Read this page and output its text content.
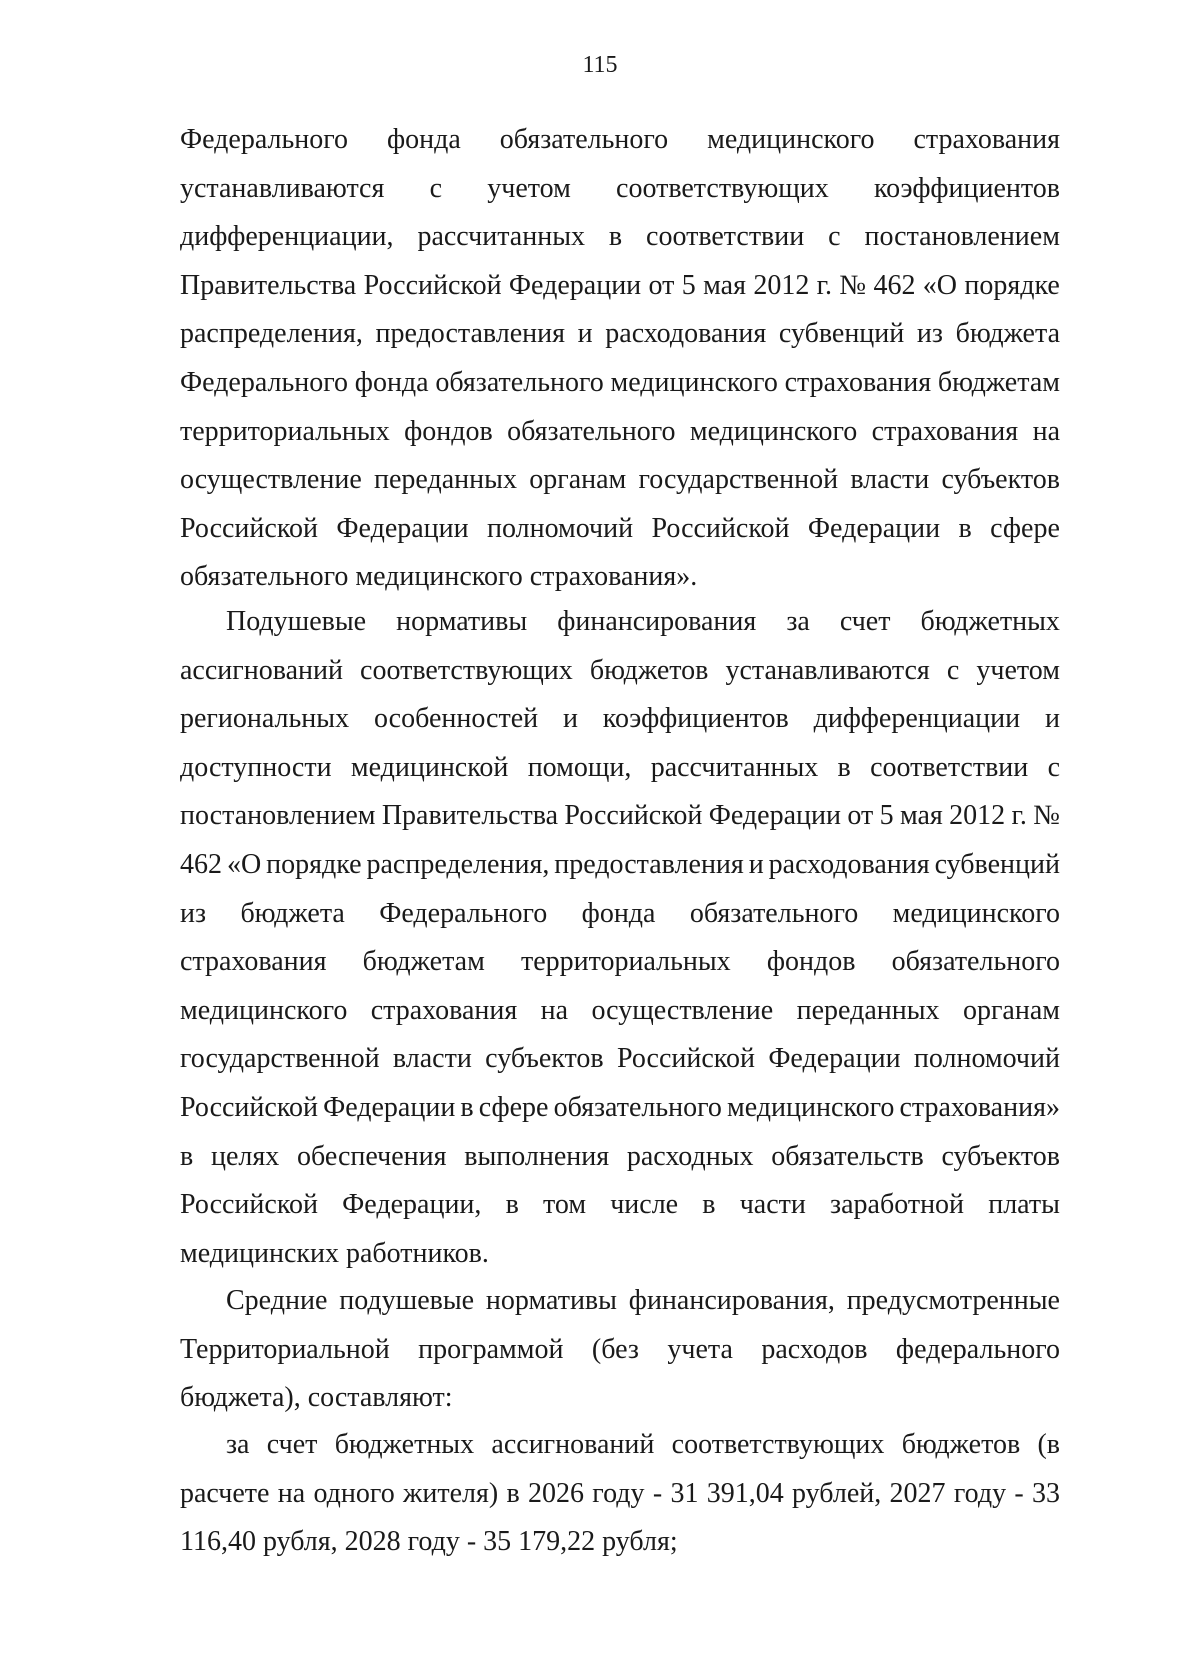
115
Федерального фонда обязательного медицинского страхования
устанавливаются с учетом соответствующих коэффициентов
дифференциации, рассчитанных в соответствии с постановлением
Правительства Российской Федерации от 5 мая 2012 г. № 462 «О порядке
распределения, предоставления и расходования субвенций из бюджета
Федерального фонда обязательного медицинского страхования бюджетам
территориальных фондов обязательного медицинского страхования на
осуществление переданных органам государственной власти субъектов
Российской Федерации полномочий Российской Федерации в сфере
обязательного медицинского страхования».
Подушевые нормативы финансирования за счет бюджетных
ассигнований соответствующих бюджетов устанавливаются с учетом
региональных особенностей и коэффициентов дифференциации и
доступности медицинской помощи, рассчитанных в соответствии с
постановлением Правительства Российской Федерации от 5 мая 2012 г. №
462 «О порядке распределения, предоставления и расходования субвенций
из бюджета Федерального фонда обязательного медицинского
страхования бюджетам территориальных фондов обязательного
медицинского страхования на осуществление переданных органам
государственной власти субъектов Российской Федерации полномочий
Российской Федерации в сфере обязательного медицинского страхования»
в целях обеспечения выполнения расходных обязательств субъектов
Российской Федерации, в том числе в части заработной платы
медицинских работников.
Средние подушевые нормативы финансирования, предусмотренные
Территориальной программой (без учета расходов федерального
бюджета), составляют:
за счет бюджетных ассигнований соответствующих бюджетов (в
расчете на одного жителя) в 2026 году - 31 391,04 рублей, 2027 году - 33
116,40 рубля, 2028 году - 35 179,22 рубля;
